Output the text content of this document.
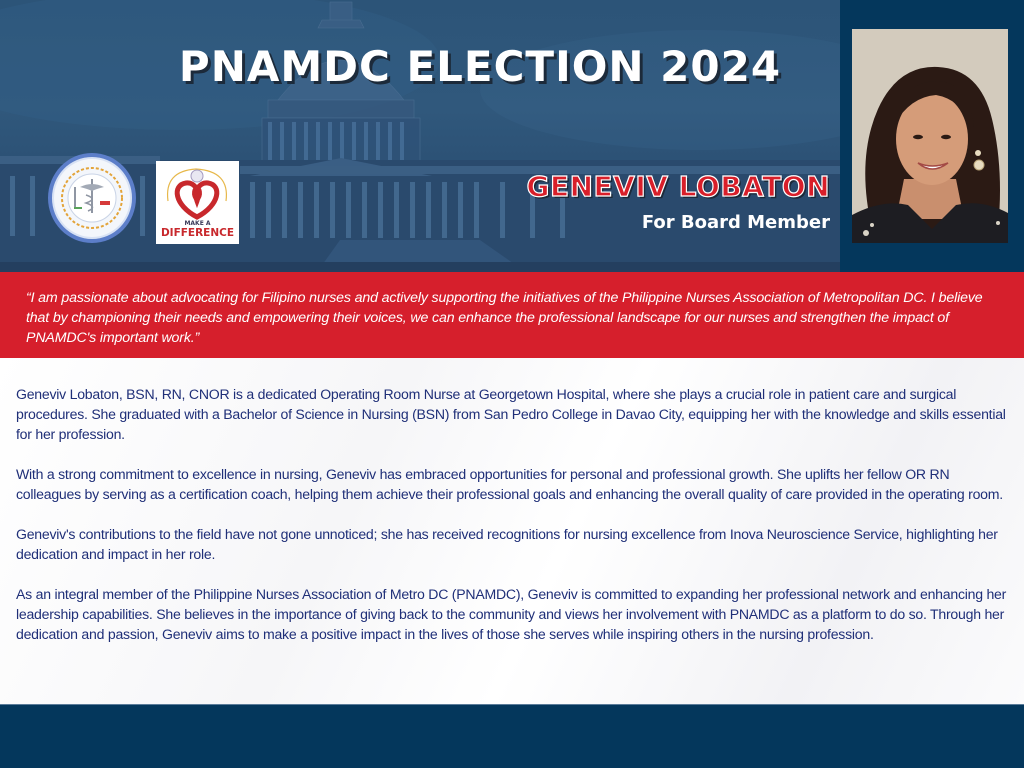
PNAMDC ELECTION 2024
MAKE A
DIFFERENCE
GENEVIV LOBATON
For Board Member
“I am passionate about advocating for Filipino nurses and actively supporting the initiatives of the Philippine Nurses Association of Metropolitan DC. I believe that by championing their needs and empowering their voices, we can enhance the professional landscape for our nurses and strengthen the impact of PNAMDC's important work.”

Geneviv Lobaton, BSN, RN, CNOR is a dedicated Operating Room Nurse at Georgetown Hospital, where she plays a crucial role in patient care and surgical procedures. She graduated with a Bachelor of Science in Nursing (BSN) from San Pedro College in Davao City, equipping her with the knowledge and skills essential for her profession.

With a strong commitment to excellence in nursing, Geneviv has embraced opportunities for personal and professional growth. She uplifts her fellow OR RN colleagues by serving as a certification coach, helping them achieve their professional goals and enhancing the overall quality of care provided in the operating room.

Geneviv's contributions to the field have not gone unnoticed; she has received recognitions for nursing excellence from Inova Neuroscience Service, highlighting her dedication and impact in her role.

As an integral member of the Philippine Nurses Association of Metro DC (PNAMDC), Geneviv is committed to expanding her professional network and enhancing her leadership capabilities. She believes in the importance of giving back to the community and views her involvement with PNAMDC as a platform to do so. Through her dedication and passion, Geneviv aims to make a positive impact in the lives of those she serves while inspiring others in the nursing profession.
